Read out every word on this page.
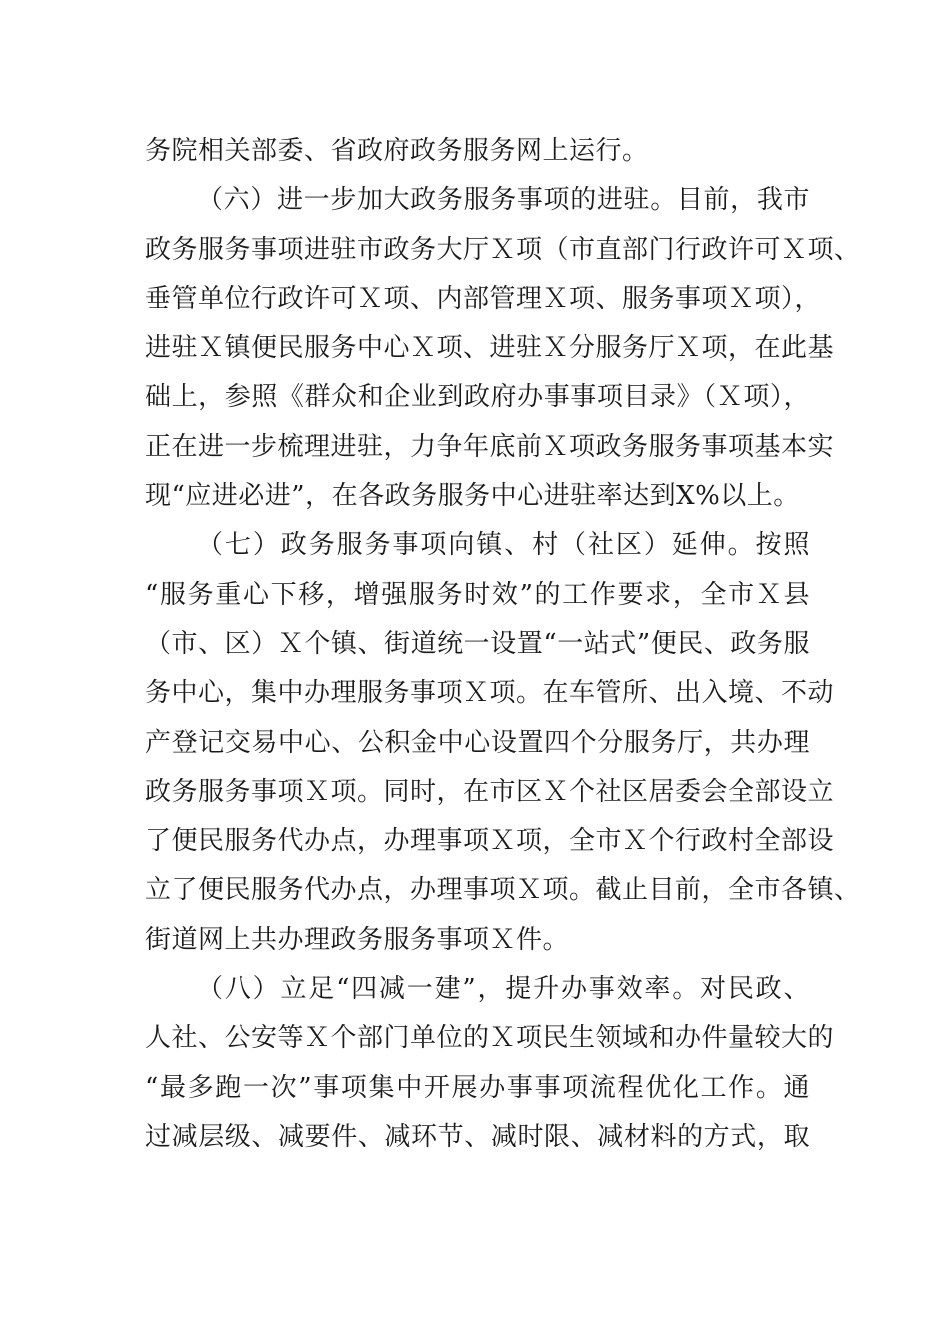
务院相关部委、省政府政务服务网上运行。
（六）进一步加大政务服务事项的进驻。目前，我市
政务服务事项进驻市政务大厅Ｘ项（市直部门行政许可Ｘ项、
垂管单位行政许可Ｘ项、内部管理Ｘ项、服务事项Ｘ项），
进驻Ｘ镇便民服务中心Ｘ项、进驻Ｘ分服务厅Ｘ项，在此基
础上，参照《群众和企业到政府办事事项目录》（Ｘ项），
正在进一步梳理进驻，力争年底前Ｘ项政务服务事项基本实
现“应进必进”，在各政务服务中心进驻率达到X%以上。
（七）政务服务事项向镇、村（社区）延伸。按照
“服务重心下移，增强服务时效”的工作要求，全市Ｘ县
（市、区）Ｘ个镇、街道统一设置“一站式”便民、政务服
务中心，集中办理服务事项Ｘ项。在车管所、出入境、不动
产登记交易中心、公积金中心设置四个分服务厅，共办理
政务服务事项Ｘ项。同时，在市区Ｘ个社区居委会全部设立
了便民服务代办点，办理事项Ｘ项，全市Ｘ个行政村全部设
立了便民服务代办点，办理事项Ｘ项。截止目前，全市各镇、
街道网上共办理政务服务事项Ｘ件。
（八）立足“四减一建”，提升办事效率。对民政、
人社、公安等Ｘ个部门单位的Ｘ项民生领域和办件量较大的
“最多跑一次”事项集中开展办事事项流程优化工作。通
过减层级、减要件、减环节、减时限、减材料的方式，取
